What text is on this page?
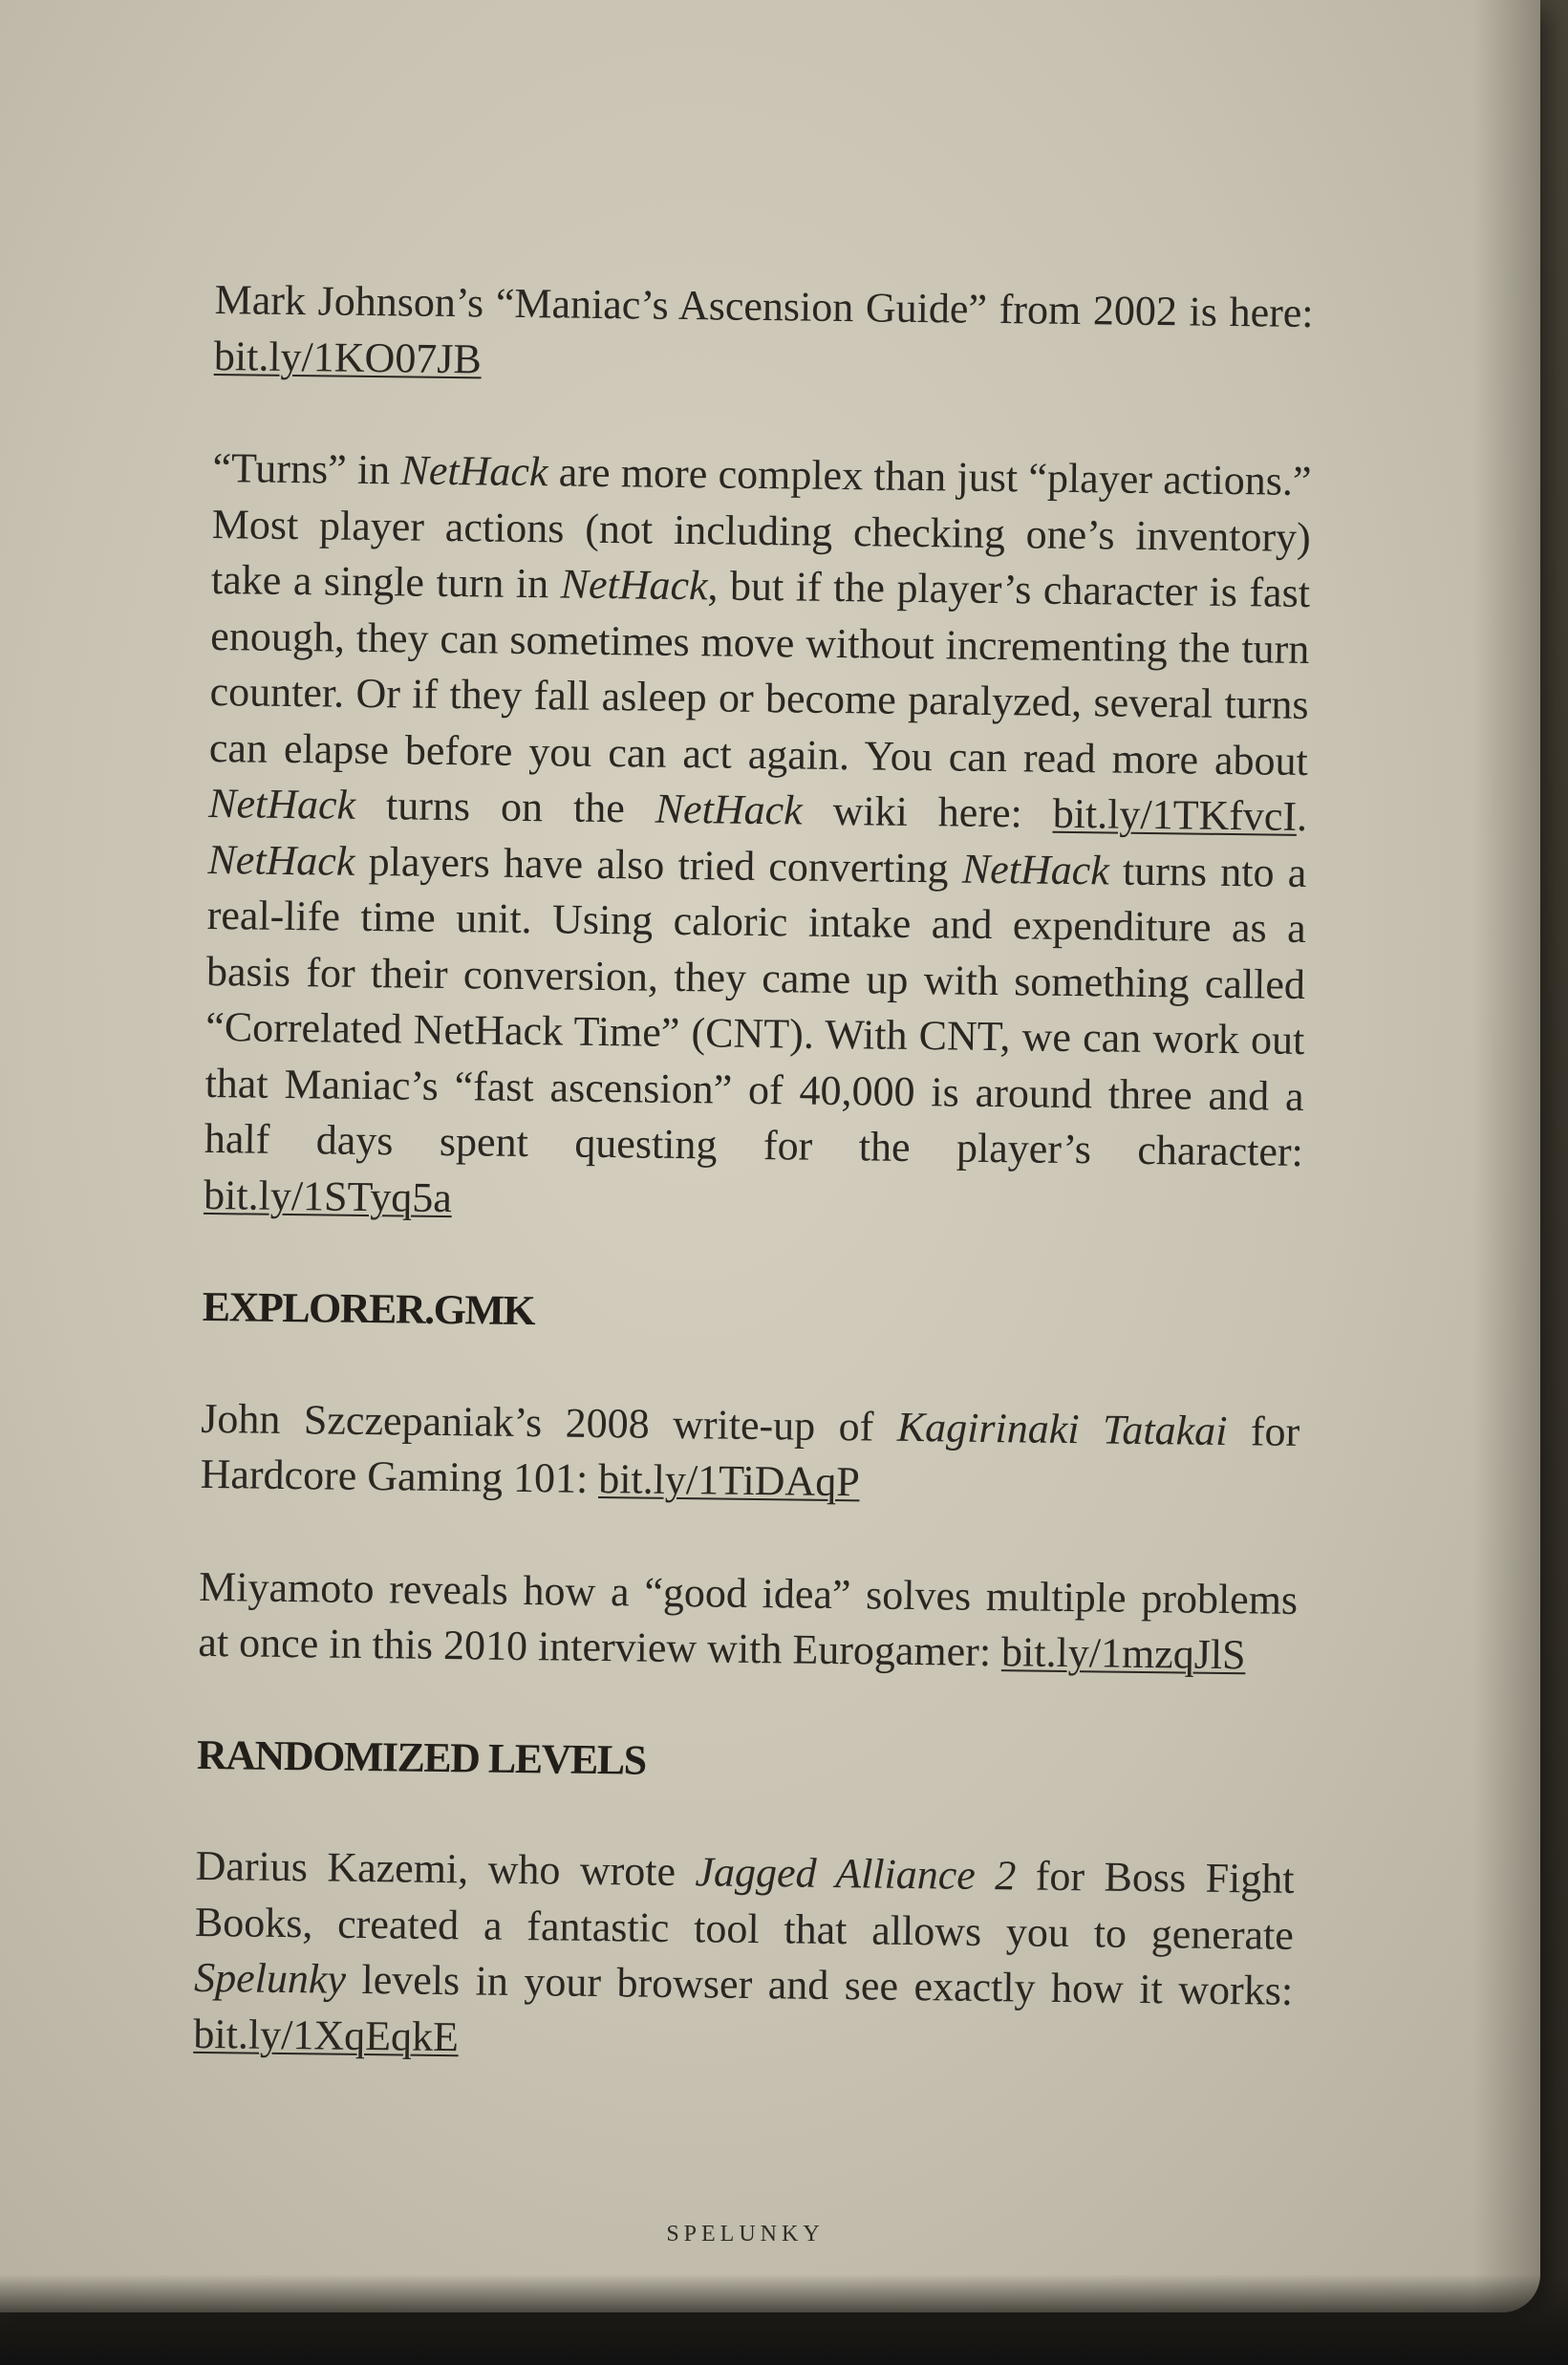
Mark Johnson’s “Maniac’s Ascension Guide” from 2002 is here: bit.ly/1KO07JB

“Turns” in NetHack are more complex than just “player actions.” Most player actions (not including checking one’s inventory) take a single turn in NetHack, but if the player’s character is fast enough, they can sometimes move without incrementing the turn counter. Or if they fall asleep or become paralyzed, several turns can elapse before you can act again. You can read more about NetHack turns on the NetHack wiki here: bit.ly/1TKfvcI. NetHack players have also tried converting NetHack turns nto a real-life time unit. Using caloric intake and expenditure as a basis for their conversion, they came up with something called “Correlated NetHack Time” (CNT). With CNT, we can work out that Maniac’s “fast ascension” of 40,000 is around three and a half days spent questing for the player’s character: bit.ly/1STyq5a

EXPLORER.GMK

John Szczepaniak’s 2008 write-up of Kagirinaki Tatakai for Hardcore Gaming 101: bit.ly/1TiDAqP

Miyamoto reveals how a “good idea” solves multiple problems at once in this 2010 interview with Eurogamer: bit.ly/1mzqJlS

RANDOMIZED LEVELS

Darius Kazemi, who wrote Jagged Alliance 2 for Boss Fight Books, created a fantastic tool that allows you to generate Spelunky levels in your browser and see exactly how it works: bit.ly/1XqEqkE

SPELUNKY
